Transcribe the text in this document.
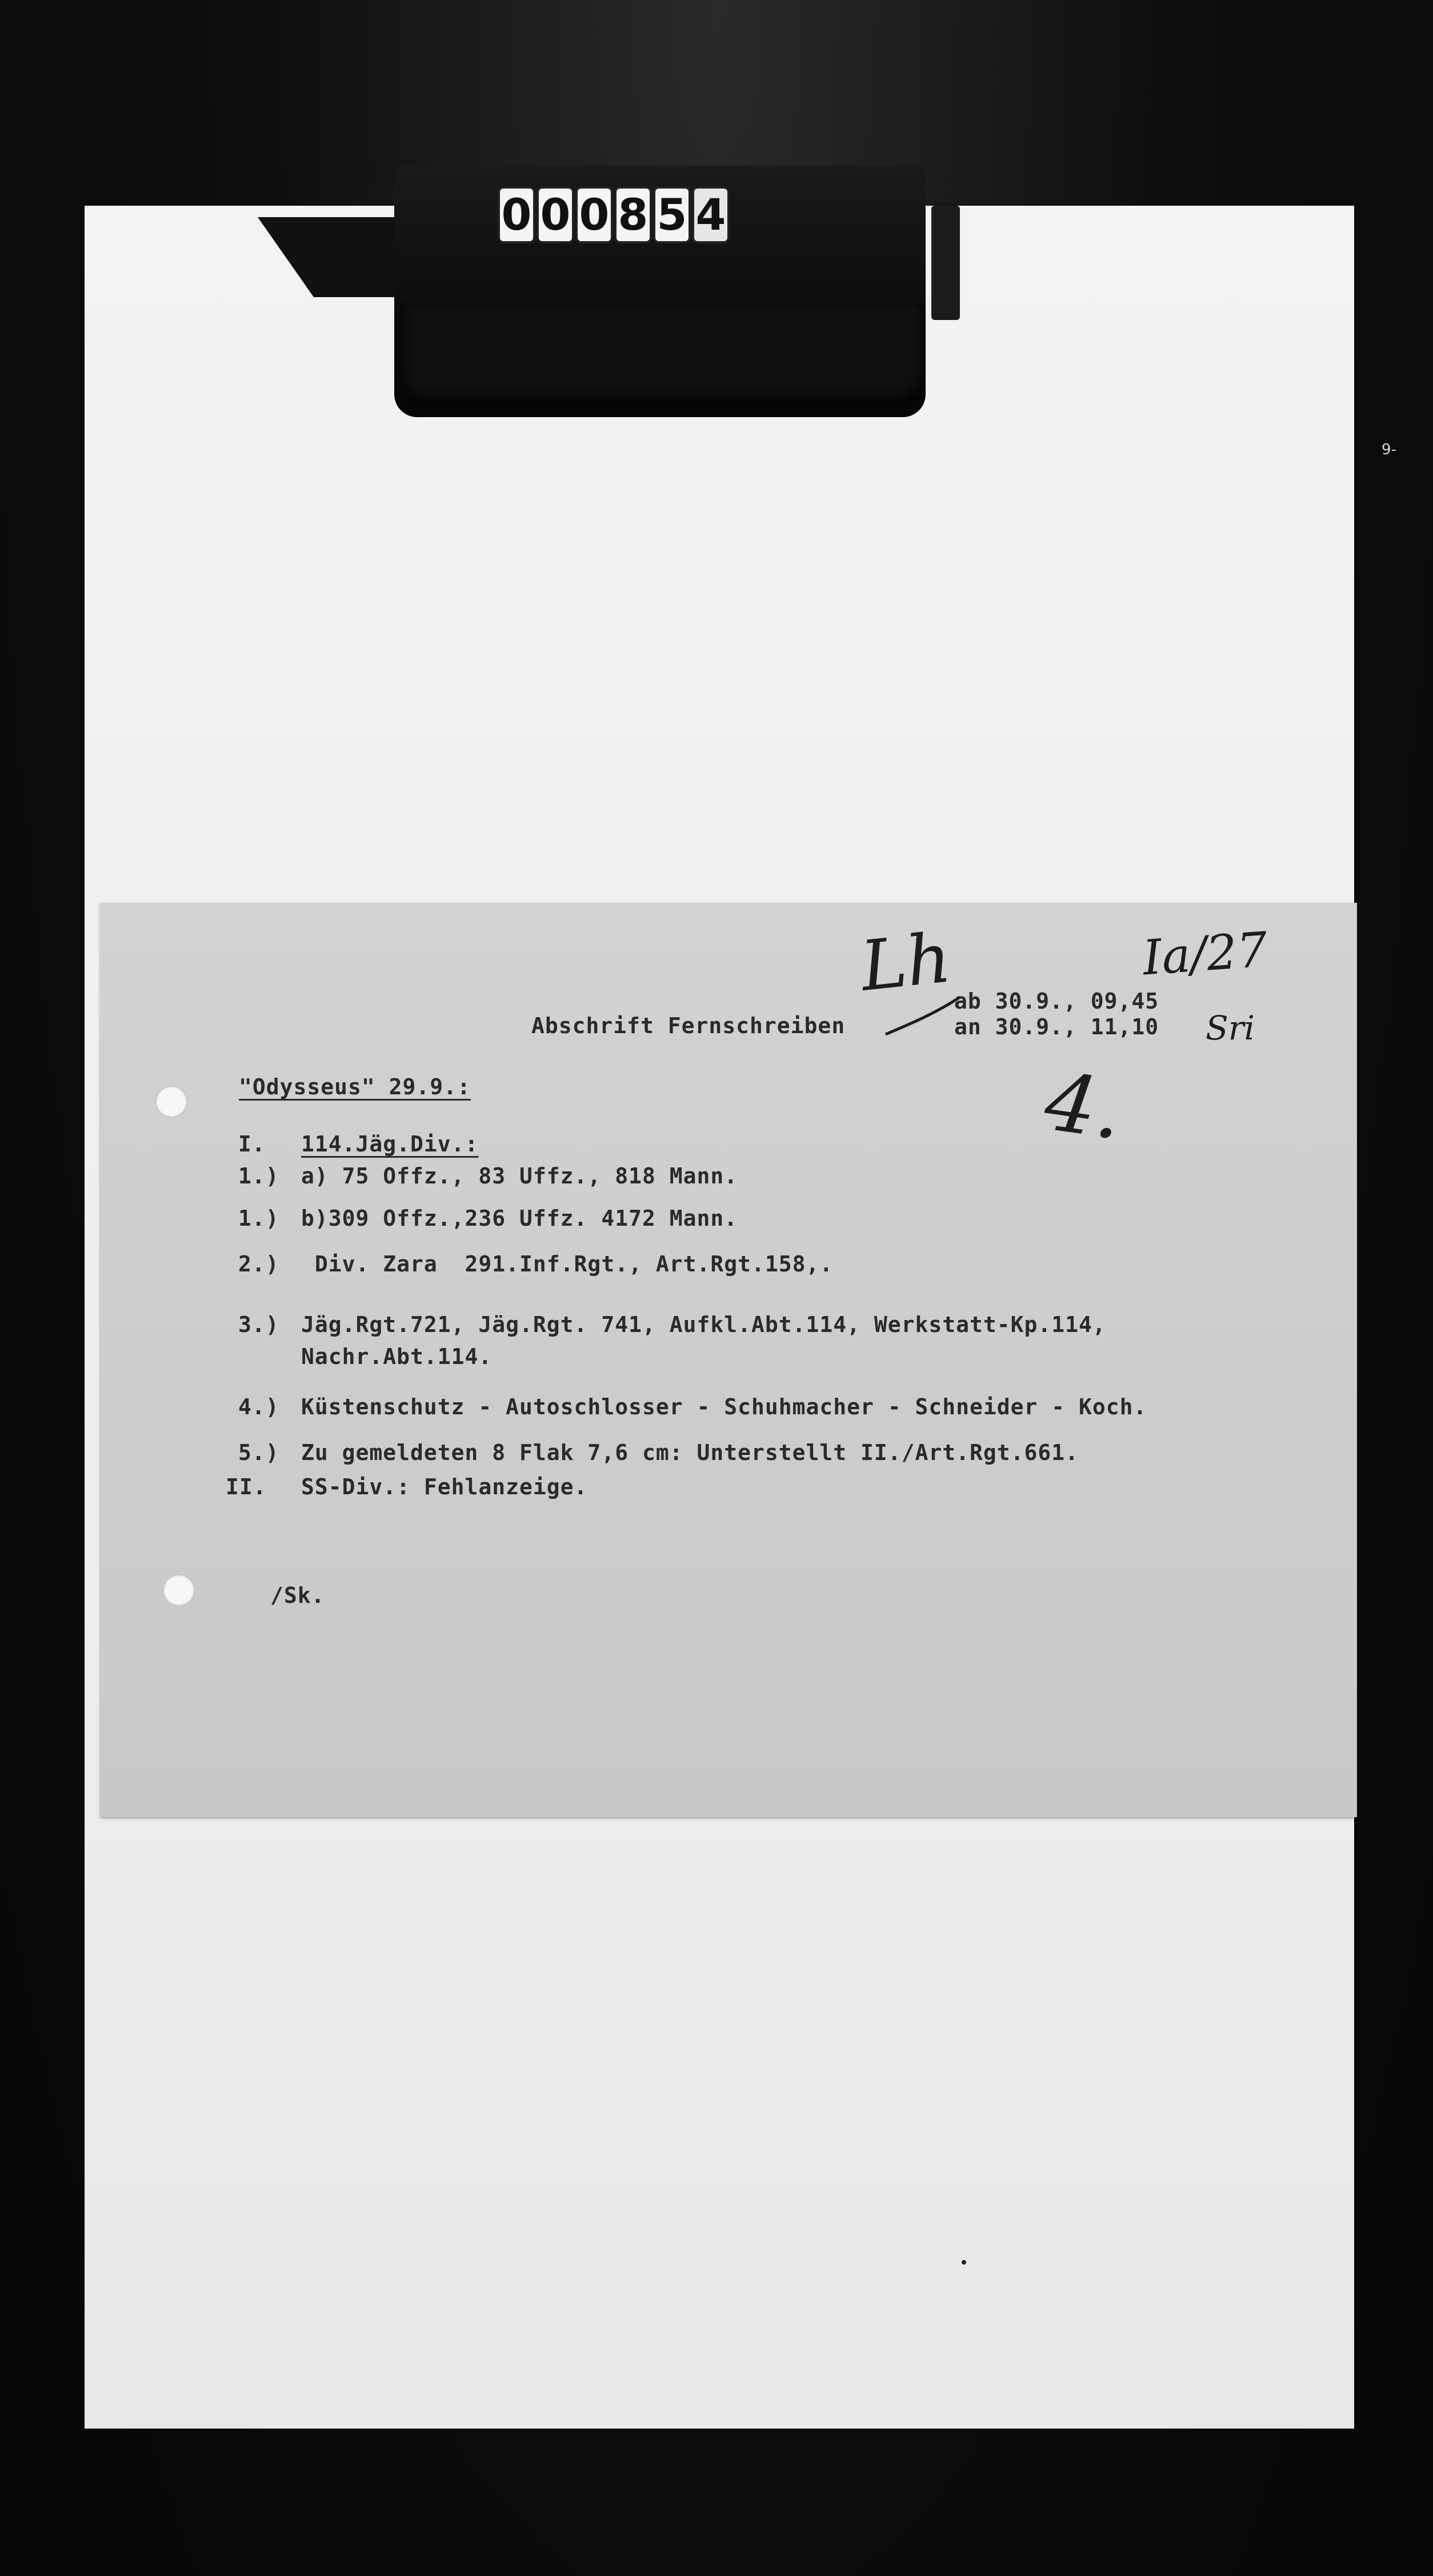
0 0 0 8 5 4
9-
Abschrift Fernschreiben
ab 30.9., 09,45
an 30.9., 11,10
Lh	Ia/27
Sri
4.
"Odysseus" 29.9.:
I. 114.Jäg.Div.:
1.) a) 75 Offz., 83 Uffz., 818 Mann.
1.) b)309 Offz.,236 Uffz. 4172 Mann.
2.) Div. Zara  291.Inf.Rgt., Art.Rgt.158,.
3.) Jäg.Rgt.721, Jäg.Rgt. 741, Aufkl.Abt.114, Werkstatt-Kp.114,
Nachr.Abt.114.
4.) Küstenschutz - Autoschlosser - Schuhmacher - Schneider - Koch.
5.) Zu gemeldeten 8 Flak 7,6 cm: Unterstellt II./Art.Rgt.661.
II. SS-Div.: Fehlanzeige.
/Sk.
